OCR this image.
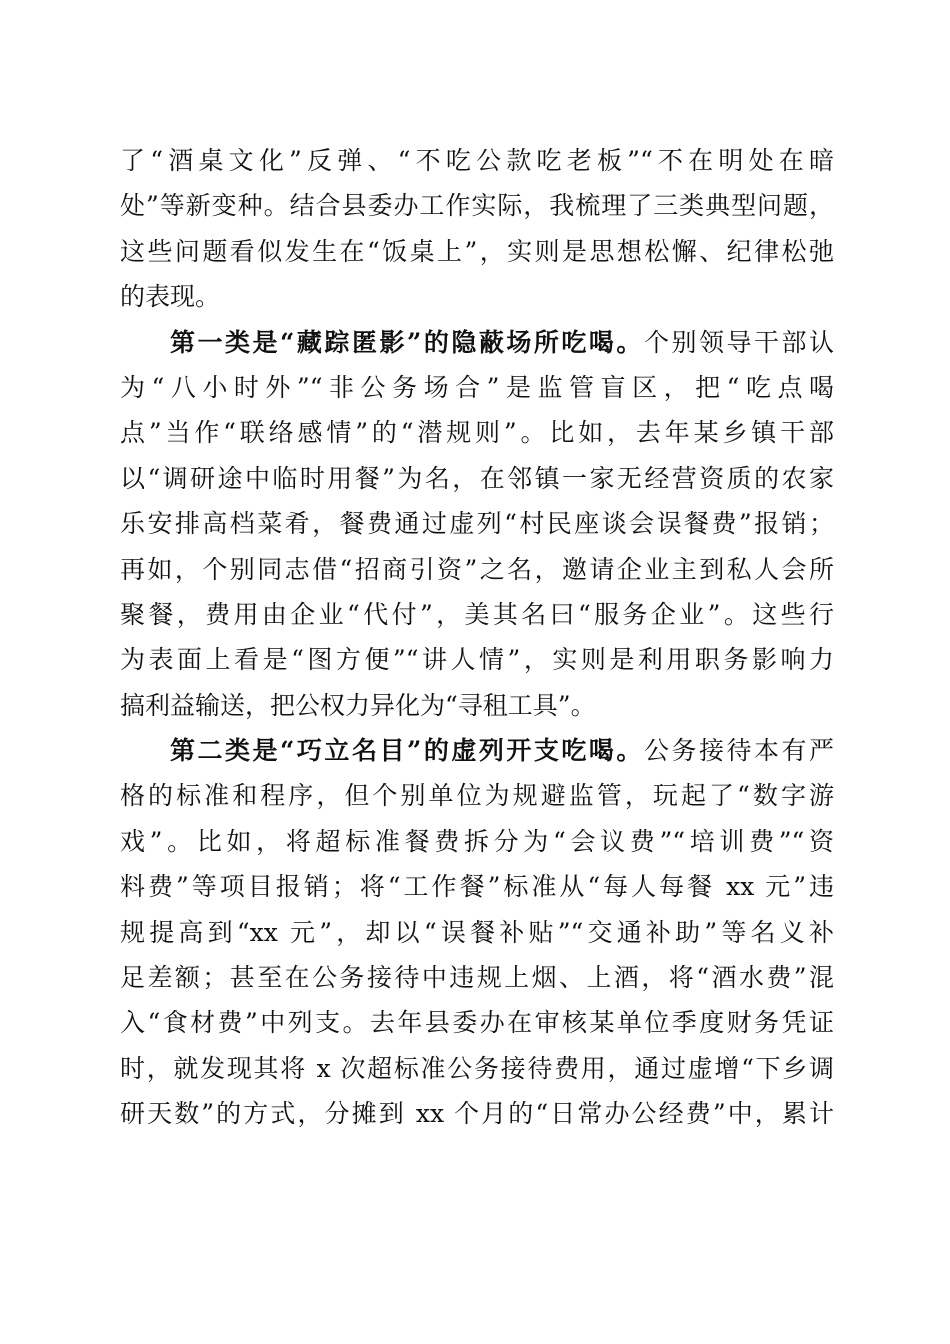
了“酒桌文化”反弹、“不吃公款吃老板”“不在明处在暗
处”等新变种。结合县委办工作实际，我梳理了三类典型问题，
这些问题看似发生在“饭桌上”，实则是思想松懈、纪律松弛
的表现。
第一类是“藏踪匿影”的隐蔽场所吃喝。个别领导干部认
为“八小时外”“非公务场合”是监管盲区，把“吃点喝
点”当作“联络感情”的“潜规则”。比如，去年某乡镇干部
以“调研途中临时用餐”为名，在邻镇一家无经营资质的农家
乐安排高档菜肴，餐费通过虚列“村民座谈会误餐费”报销；
再如，个别同志借“招商引资”之名，邀请企业主到私人会所
聚餐，费用由企业“代付”，美其名曰“服务企业”。这些行
为表面上看是“图方便”“讲人情”，实则是利用职务影响力
搞利益输送，把公权力异化为“寻租工具”。
第二类是“巧立名目”的虚列开支吃喝。公务接待本有严
格的标准和程序，但个别单位为规避监管，玩起了“数字游
戏”。比如，将超标准餐费拆分为“会议费”“培训费”“资
料费”等项目报销；将“工作餐”标准从“每人每餐 xx 元”违
规提高到“xx 元”，却以“误餐补贴”“交通补助”等名义补
足差额；甚至在公务接待中违规上烟、上酒，将“酒水费”混
入“食材费”中列支。去年县委办在审核某单位季度财务凭证
时，就发现其将 x 次超标准公务接待费用，通过虚增“下乡调
研天数”的方式，分摊到 xx 个月的“日常办公经费”中，累计
